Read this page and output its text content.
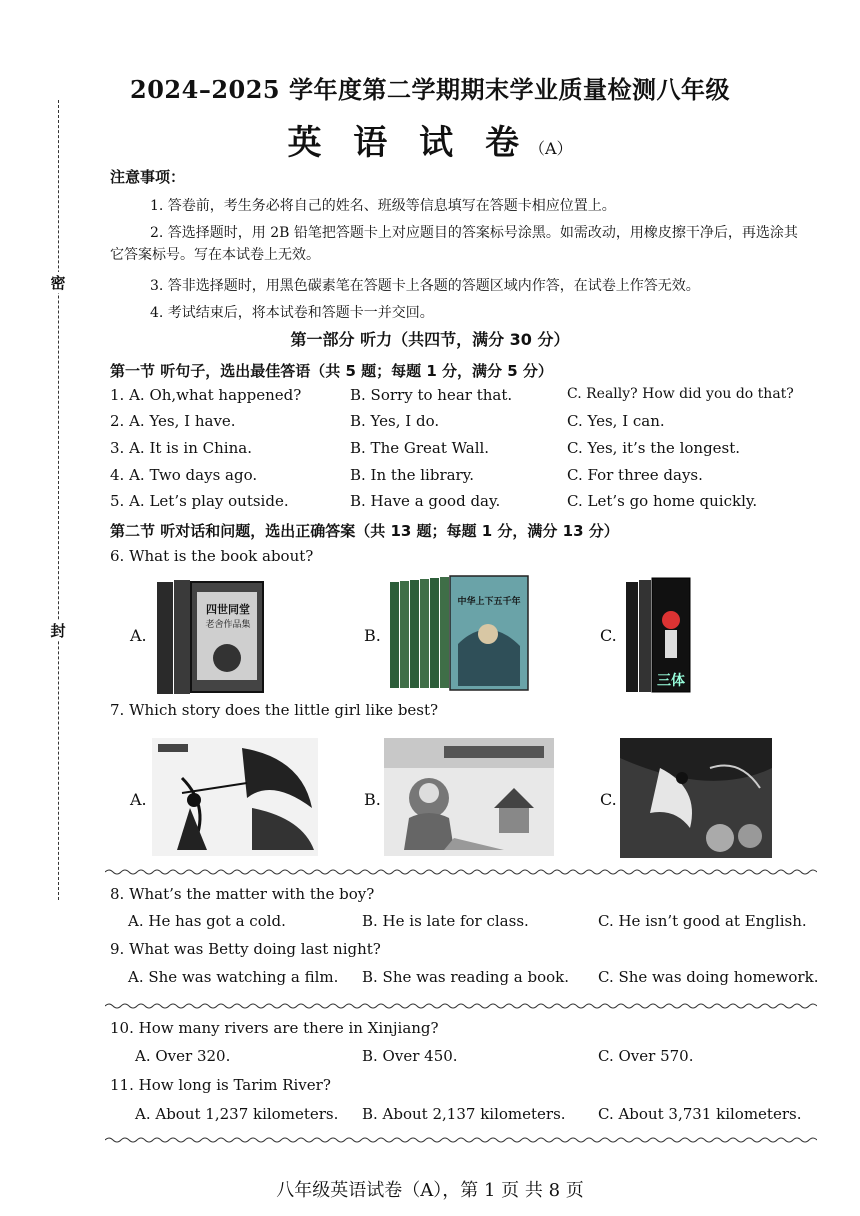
密
封
2024–2025 学年度第二学期期末学业质量检测八年级
英 语 试 卷（A）
注意事项：
1. 答卷前，考生务必将自己的姓名、班级等信息填写在答题卡相应位置上。
2. 答选择题时，用 2B 铅笔把答题卡上对应题目的答案标号涂黑。如需改动，用橡皮擦干净后，再选涂其它答案标号。写在本试卷上无效。
3. 答非选择题时，用黑色碳素笔在答题卡上各题的答题区域内作答，在试卷上作答无效。
4. 考试结束后，将本试卷和答题卡一并交回。
第一部分 听力（共四节，满分 30 分）
第一节 听句子，选出最佳答语（共 5 题；每题 1 分，满分 5 分）
1. A. Oh,what happened?	B. Sorry to hear that.	C. Really? How did you do that?
2. A. Yes, I have.	B. Yes, I do.	C. Yes, I can.
3. A. It is in China.	B. The Great Wall.	C. Yes, it’s the longest.
4. A. Two days ago.	B. In the library.	C. For three days.
5. A. Let’s play outside.	B. Have a good day.	C. Let’s go home quickly.
第二节 听对话和问题，选出正确答案（共 13 题；每题 1 分，满分 13 分）
6. What is the book about?
A.	B.	C.
四世同堂
老舍作品集
中华上下五千年
三体
7. Which story does the little girl like best?
A.	B.	C.
8. What’s the matter with the boy?
A. He has got a cold.	B. He is late for class.	C. He isn’t good at English.
9. What was Betty doing last night?
A. She was watching a film. B. She was reading a book. C. She was doing homework.
10. How many rivers are there in Xinjiang?
A. Over 320.	B. Over 450.	C. Over 570.
11. How long is Tarim River?
A. About 1,237 kilometers. B. About 2,137 kilometers. C. About 3,731 kilometers.
八年级英语试卷（A），第 1 页 共 8 页
